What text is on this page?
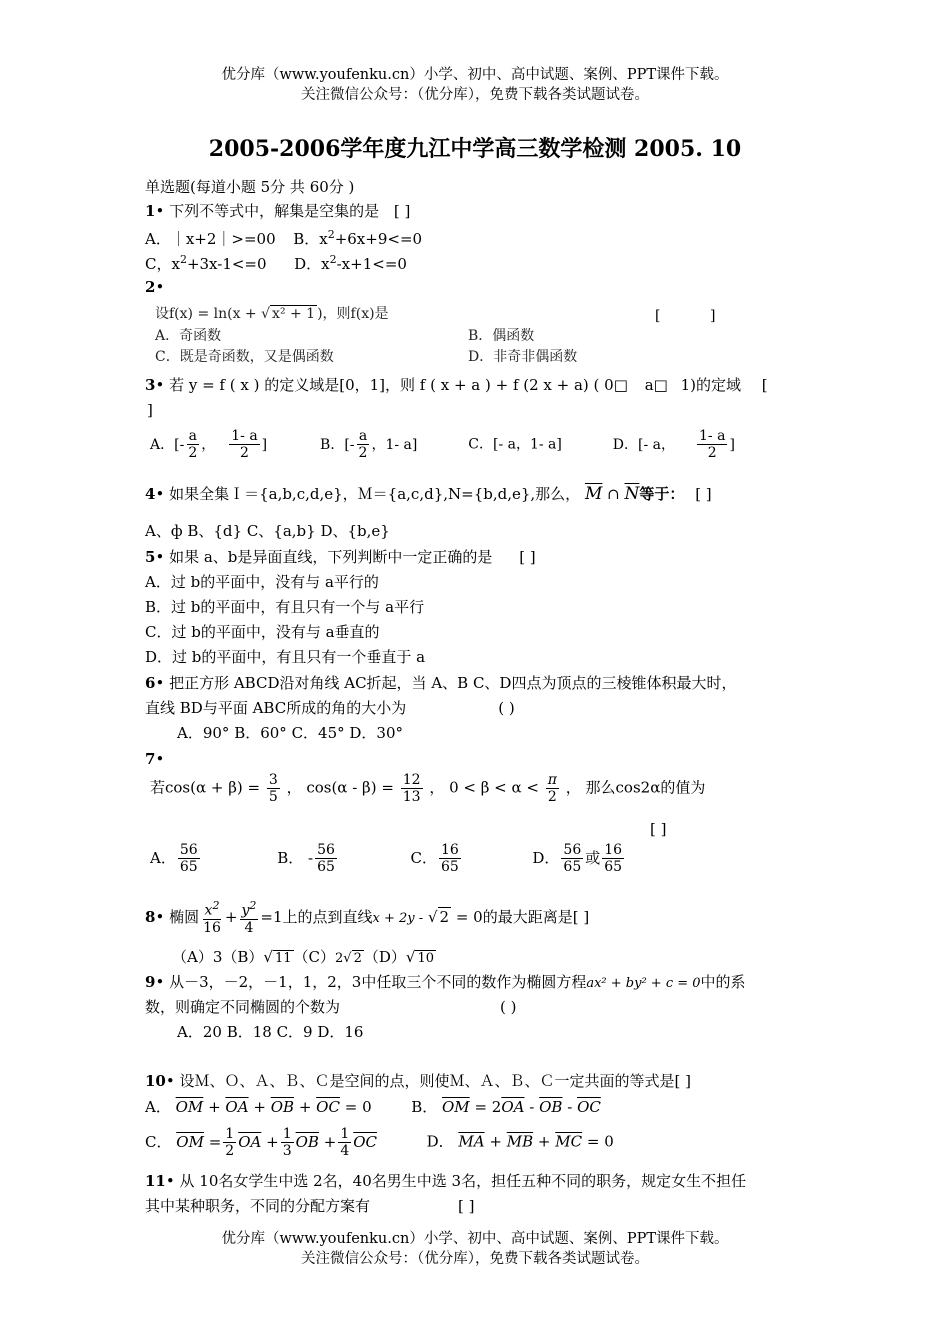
优分库（www.youfenku.cn）小学、初中、高中试题、案例、PPT课件下载。
关注微信公众号：（优分库），免费下载各类试题试卷。
2005-2006学年度九江中学高三数学检测 2005. 10
单选题(每道小题 5分 共 60分 )
1• 下列不等式中，解集是空集的是 [ ]
A．｜x+2｜>=00 B．$x^2+6x+9<=0$
C，$x^2+3x-1<=0$ D．$x^2-x+1<=0$
2•
设f(x) = ln(x + √ x² + 1 )，则f(x)是	[	]
A．奇函数	B．偶函数
C．既是奇函数，又是偶函数	D．非奇非偶函数
3• 若 y = f ( x ) 的定义域是[0，1]，则 f ( x + a ) + f (2 x + a) ( 0□ a□ 1)的定域 [
]
A．[- $\frac{a}{2}$ ， $\frac{1- a}{2}$ ]	B．[- $\frac{a}{2}$ ，1- a]	C．[- a，1- a]	D．[- a， $\frac{1- a}{2}$ ]
4• 如果全集Ｉ＝{a,b,c,d,e}，Ｍ＝{a,c,d},N={b,d,e},那么， $\overline{M}$ ∩ $\overline{N}$等于： [ ]
A、ф B、{d} C、{a,b} D、{b,e}
5• 如果 a、b是异面直线，下列判断中一定正确的是 [ ]
A．过 b的平面中，没有与 a平行的
B．过 b的平面中，有且只有一个与 a平行
C．过 b的平面中，没有与 a垂直的
D．过 b的平面中，有且只有一个垂直于 a
6• 把正方形 ABCD沿对角线 AC折起，当 A、B C、D四点为顶点的三棱锥体积最大时，
直线 BD与平面 ABC所成的角的大小为	( )
A．90° B．60° C．45° D．30°
7•
若$\cos(\alpha + \beta) = \frac{3}{5}$ ， $\cos(\alpha - \beta) = \frac{12}{13}$ ， $0 < \beta < \alpha < \frac{\pi}{2}$ ， 那么cos2α的值为
[ ]
A． $\frac{56}{65}$	B． - $\frac{56}{65}$	C． $\frac{16}{65}$	D． $\frac{56}{65}$ 或 $\frac{16}{65}$
8• 椭圆 $\frac{x^2}{16} + \frac{y^2}{4} =1$上的点到直线x + 2y - √ 2 = 0的最大距离是[ ]
（A）3（B）√ 11 （C）2√ 2 （D）√ 10
9• 从－3，－2，－1，1，2，3中任取三个不同的数作为椭圆方程ax² + by² + c = 0中的系
数，则确定不同椭圆的个数为	( )
A．20 B．18 C．9 D．16
10• 设Ｍ、Ｏ、Ａ、Ｂ、Ｃ是空间的点，则使Ｍ、Ａ、Ｂ、Ｃ一定共面的等式是[ ]
A． $\overline{OM} + \overline{OA} + \overline{OB} + \overline{OC} = 0$	B． $\overline{OM} = 2\overline{OA} - \overline{OB} - \overline{OC}$
C． $\overline{OM} = \frac{1}{2} \overline{OA} + \frac{1}{3} \overline{OB} + \frac{1}{4} \overline{OC}$	D． $\overline{MA} + \overline{MB} + \overline{MC} = 0$
11• 从 10名女学生中选 2名，40名男生中选 3名，担任五种不同的职务，规定女生不担任
其中某种职务，不同的分配方案有	[ ]
优分库（www.youfenku.cn）小学、初中、高中试题、案例、PPT课件下载。
关注微信公众号：（优分库），免费下载各类试题试卷。
